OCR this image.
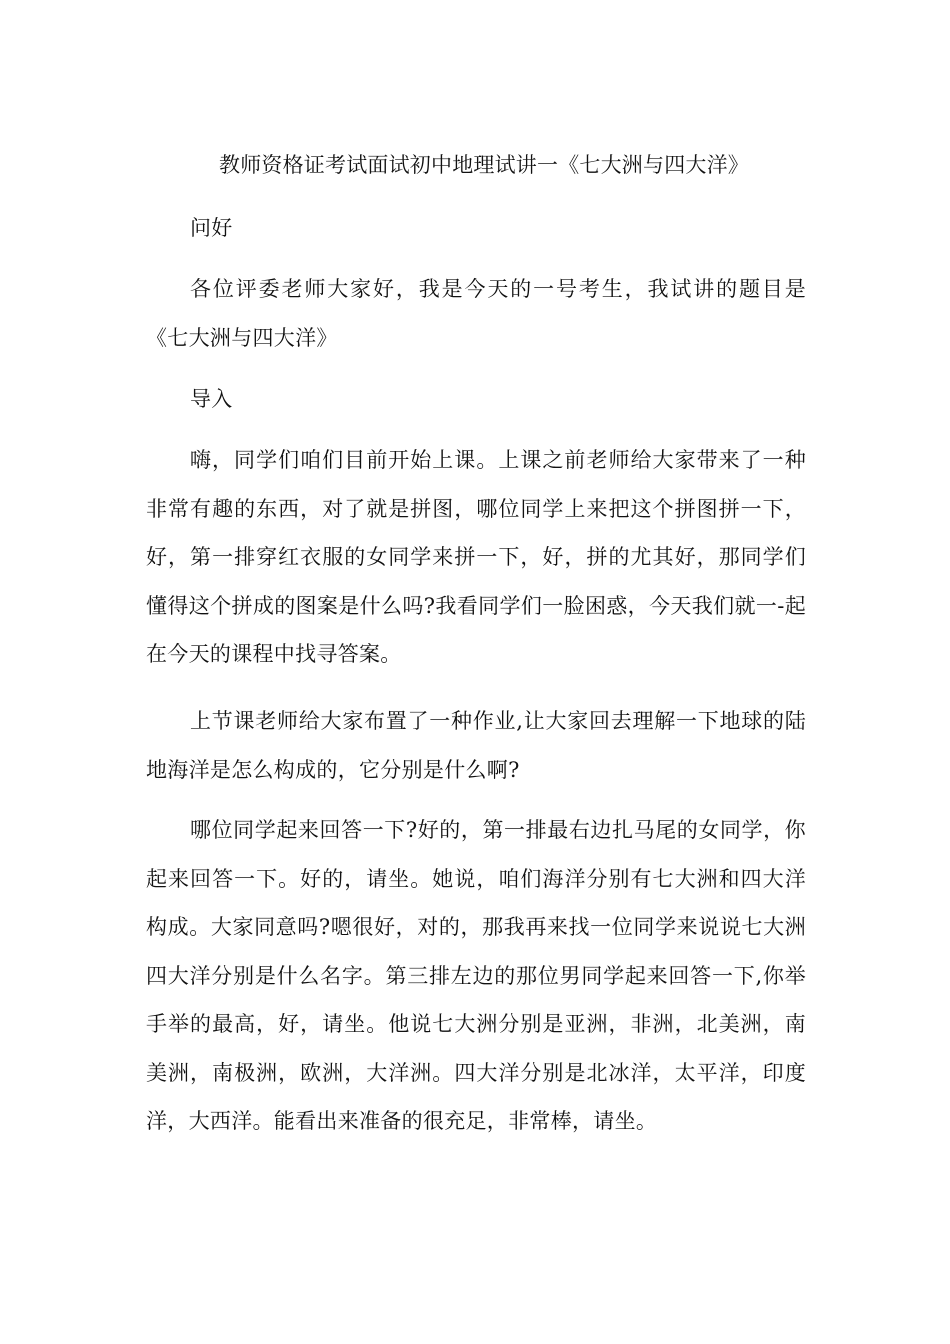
教师资格证考试面试初中地理试讲一《七大洲与四大洋》

问好

各位评委老师大家好，我是今天的一号考生，我试讲的题目是《七大洲与四大洋》

导入

嗨，同学们咱们目前开始上课。上课之前老师给大家带来了一种非常有趣的东西，对了就是拼图，哪位同学上来把这个拼图拼一下，好，第一排穿红衣服的女同学来拼一下，好，拼的尤其好，那同学们懂得这个拼成的图案是什么吗?我看同学们一脸困惑，今天我们就一-起在今天的课程中找寻答案。

上节课老师给大家布置了一种作业,让大家回去理解一下地球的陆地海洋是怎么构成的，它分别是什么啊?

哪位同学起来回答一下?好的，第一排最右边扎马尾的女同学，你起来回答一下。好的，请坐。她说，咱们海洋分别有七大洲和四大洋构成。大家同意吗?嗯很好，对的，那我再来找一位同学来说说七大洲四大洋分别是什么名字。第三排左边的那位男同学起来回答一下,你举手举的最高，好，请坐。他说七大洲分别是亚洲，非洲，北美洲，南美洲，南极洲，欧洲，大洋洲。四大洋分别是北冰洋，太平洋，印度洋，大西洋。能看出来准备的很充足，非常棒，请坐。
